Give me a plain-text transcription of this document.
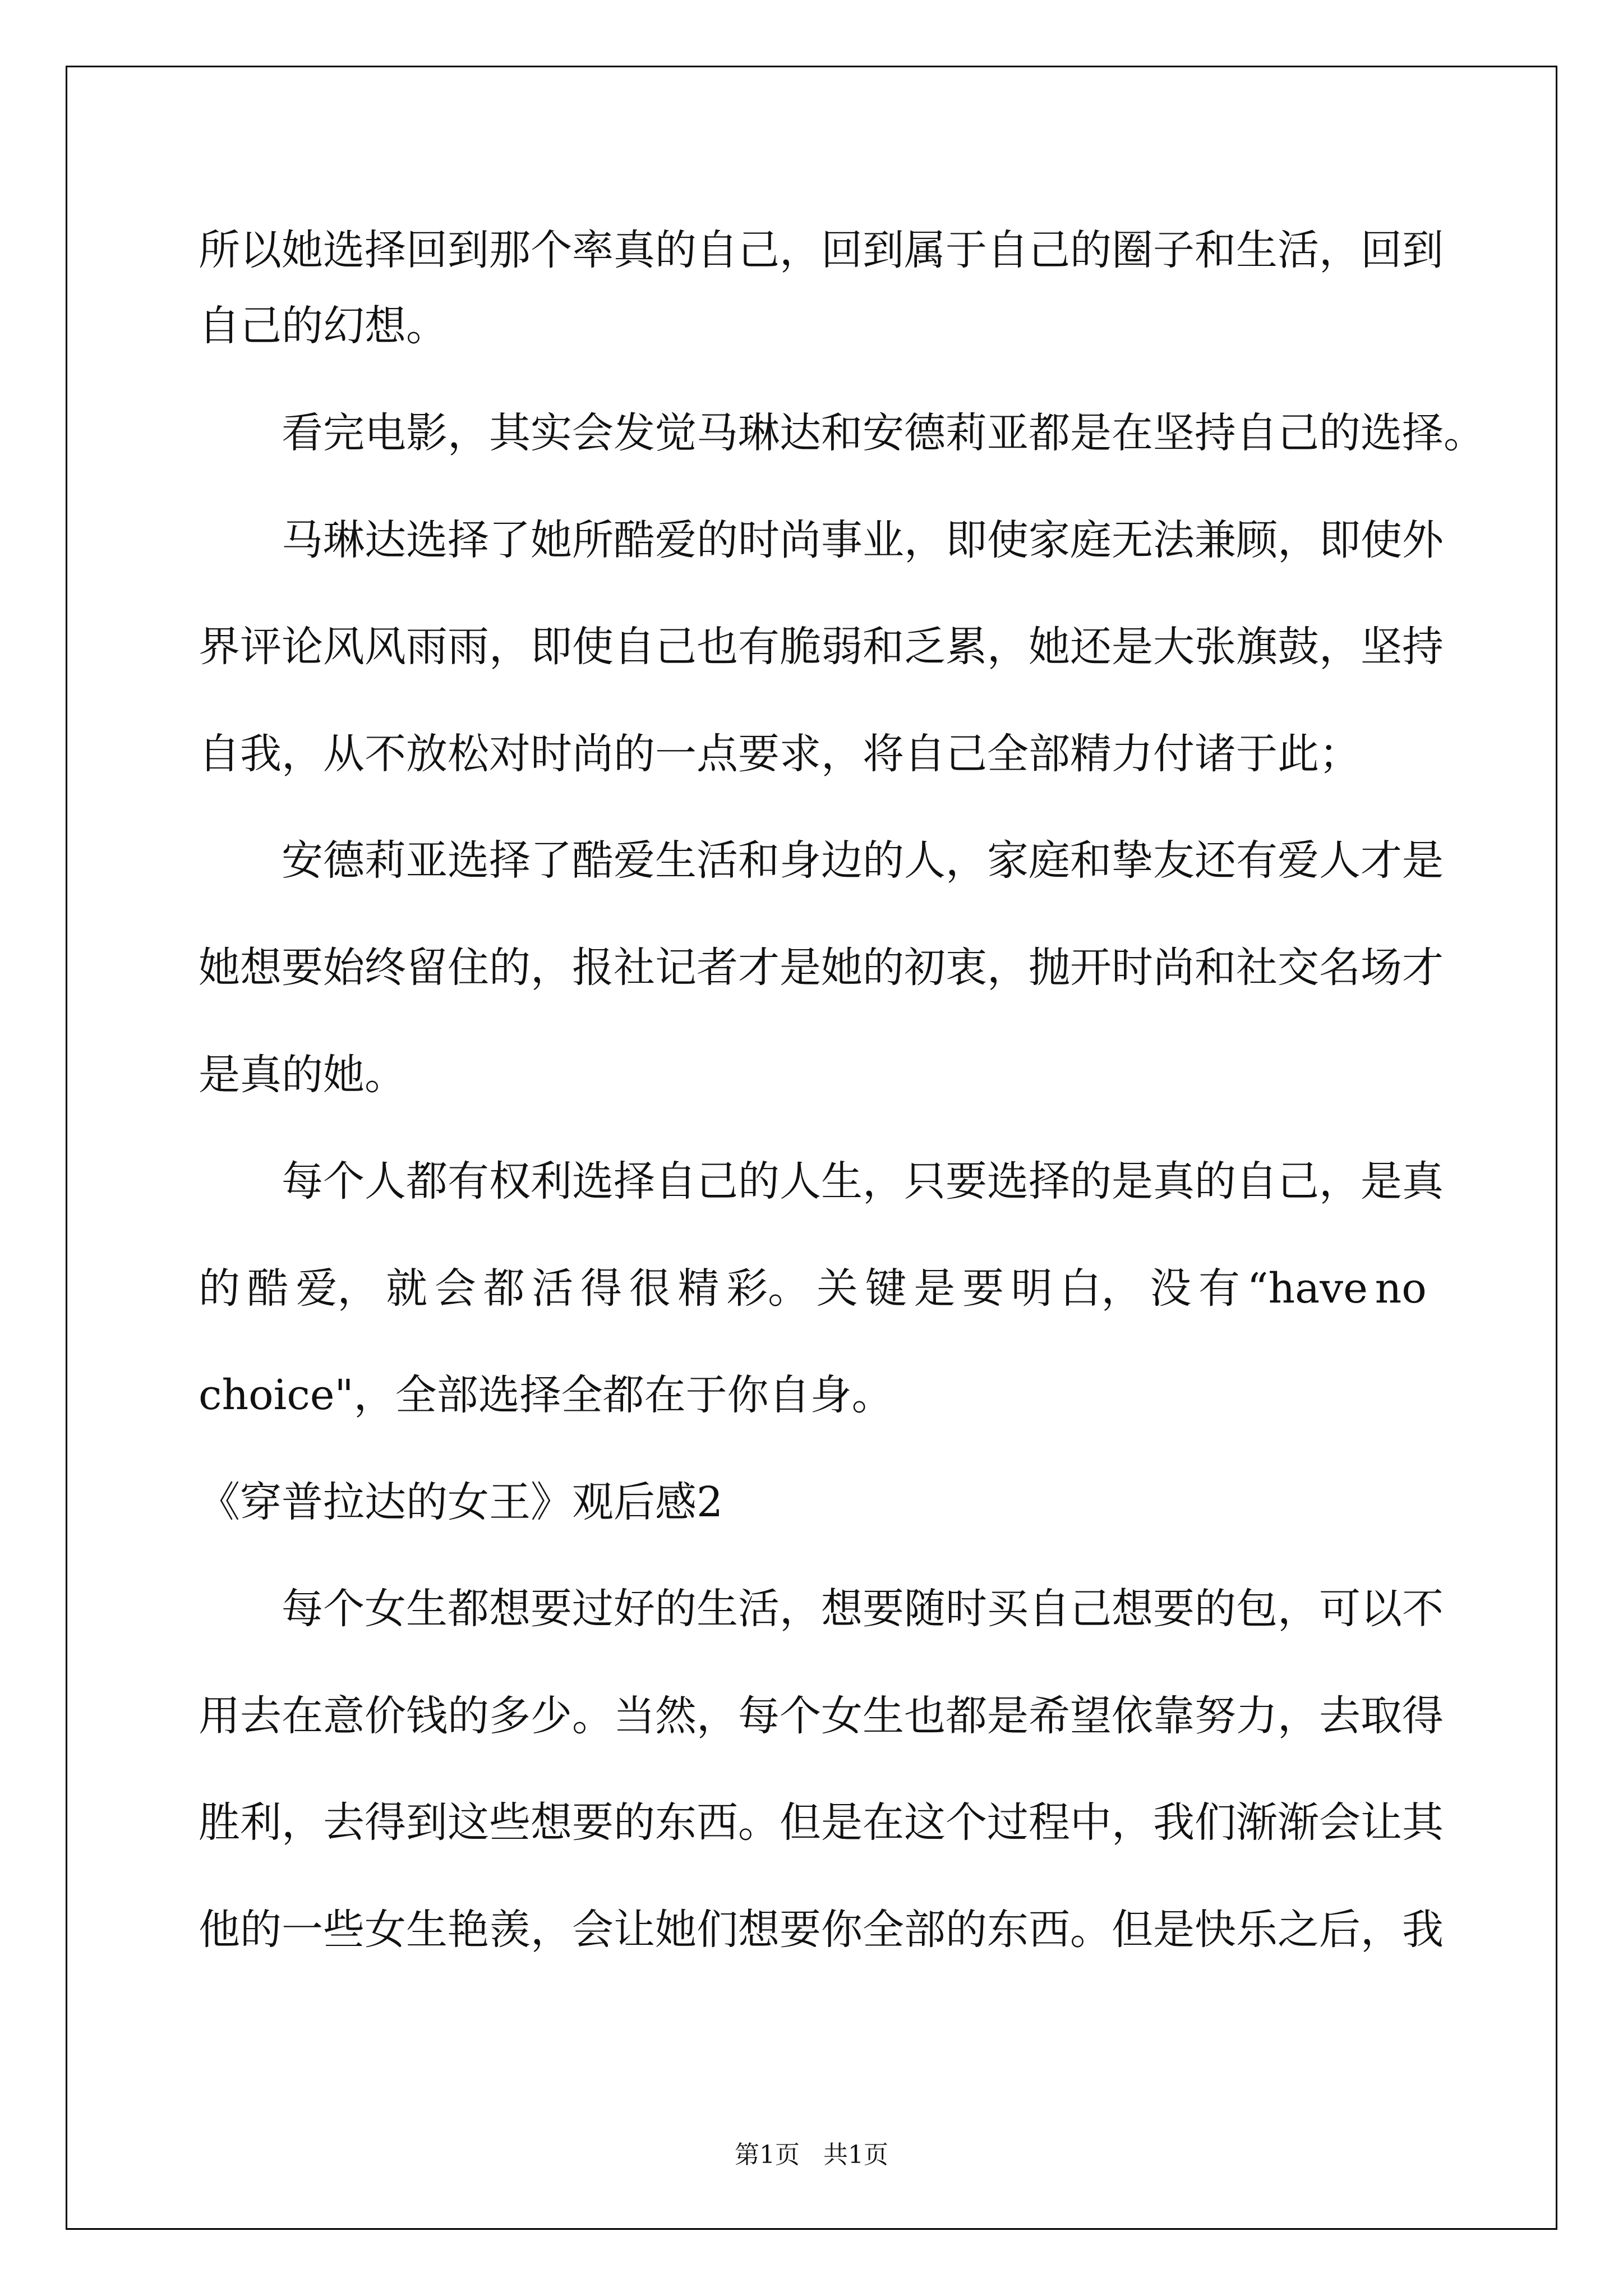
所以她选择回到那个率真的自己，回到属于自己的圈子和生活，回到
自己的幻想。
看完电影，其实会发觉马琳达和安德莉亚都是在坚持自己的选择。
马琳达选择了她所酷爱的时尚事业，即使家庭无法兼顾，即使外
界评论风风雨雨，即使自己也有脆弱和乏累，她还是大张旗鼓，坚持
自我，从不放松对时尚的一点要求，将自己全部精力付诸于此；
安德莉亚选择了酷爱生活和身边的人，家庭和挚友还有爱人才是
她想要始终留住的，报社记者才是她的初衷，抛开时尚和社交名场才
是真的她。
每个人都有权利选择自己的人生，只要选择的是真的自己，是真
的 酷 爱， 就 会 都 活 得 很 精 彩。 关 键 是 要 明 白， 没 有 “have no
choice"，全部选择全都在于你自身。
《穿普拉达的女王》观后感2
每个女生都想要过好的生活，想要随时买自己想要的包，可以不
用去在意价钱的多少。当然，每个女生也都是希望依靠努力，去取得
胜利，去得到这些想要的东西。但是在这个过程中，我们渐渐会让其
他的一些女生艳羡，会让她们想要你全部的东西。但是快乐之后，我
第1页   共1页
